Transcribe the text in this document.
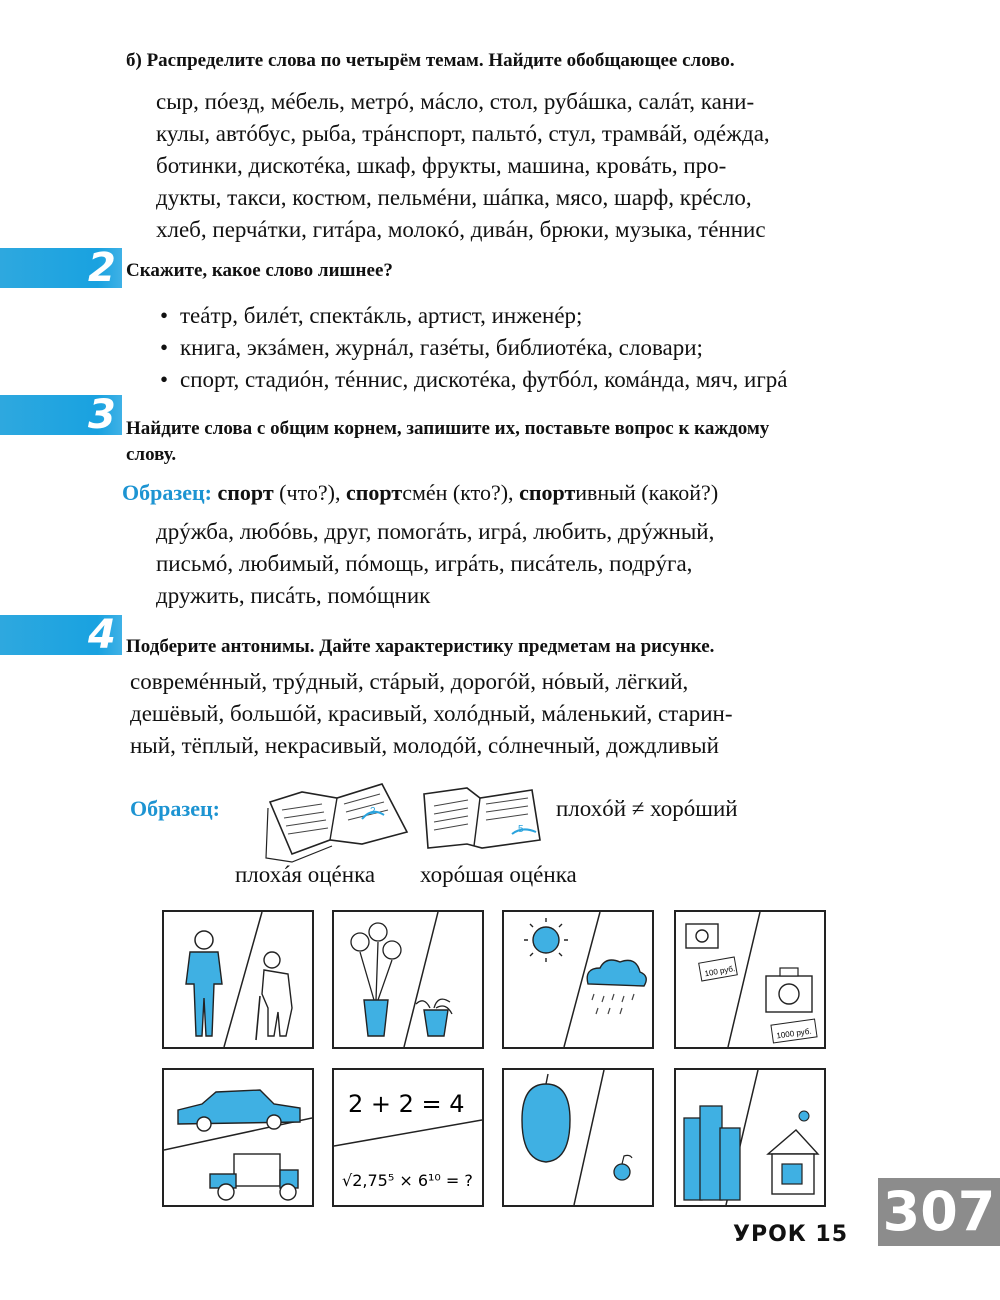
б) Распределите слова по четырём темам. Найдите обобщающее слово.
сыр, пóезд, мéбель, метрó, мáсло, стол, рубáшка, салáт, кани-
кулы, автóбус, рыба, трáнспорт, пальтó, стул, трамвáй, одéжда,
ботинки, дискотéка, шкаф, фрукты, машина, кровáть, про-
дукты, такси, костюм, пельмéни, шáпка, мясо, шарф, крéсло,
хлеб, перчáтки, гитáра, молокó, дивáн, брюки, музыка, тéннис
2 Скажите, какое слово лишнее?
• теáтр, билéт, спектáкль, артист, инженéр;
• книга, экзáмен, журнáл, газéты, библиотéка, словари;
• спорт, стадиóн, тéннис, дискотéка, футбóл, комáнда, мяч, игрá
3 Найдите слова с общим корнем, запишите их, поставьте вопрос к каждому
слову.
Образец: спорт (что?), спортсмéн (кто?), спортивный (какой?)
дрýжба, любóвь, друг, помогáть, игрá, любить, дрýжный,
письмó, любимый, пóмощь, игрáть, писáтель, подрýга,
дружить, писáть, помóщник
4 Подберите антонимы. Дайте характеристику предметам на рисунке.
совремéнный, трýдный, стáрый, дорогóй, нóвый, лёгкий,
дешёвый, большóй, красивый, холóдный, мáленький, старин-
ный, тёплый, некрасивый, молодóй, сóлнечный, дождливый
Образец:	2
5
плохóй ≠ хорóший
плохáя оцéнка хорóшая оцéнка
100 руб.
1000 руб.
2 + 2 = 4
√2,75⁵ × 6¹⁰ = ?
УРОК 15 307
